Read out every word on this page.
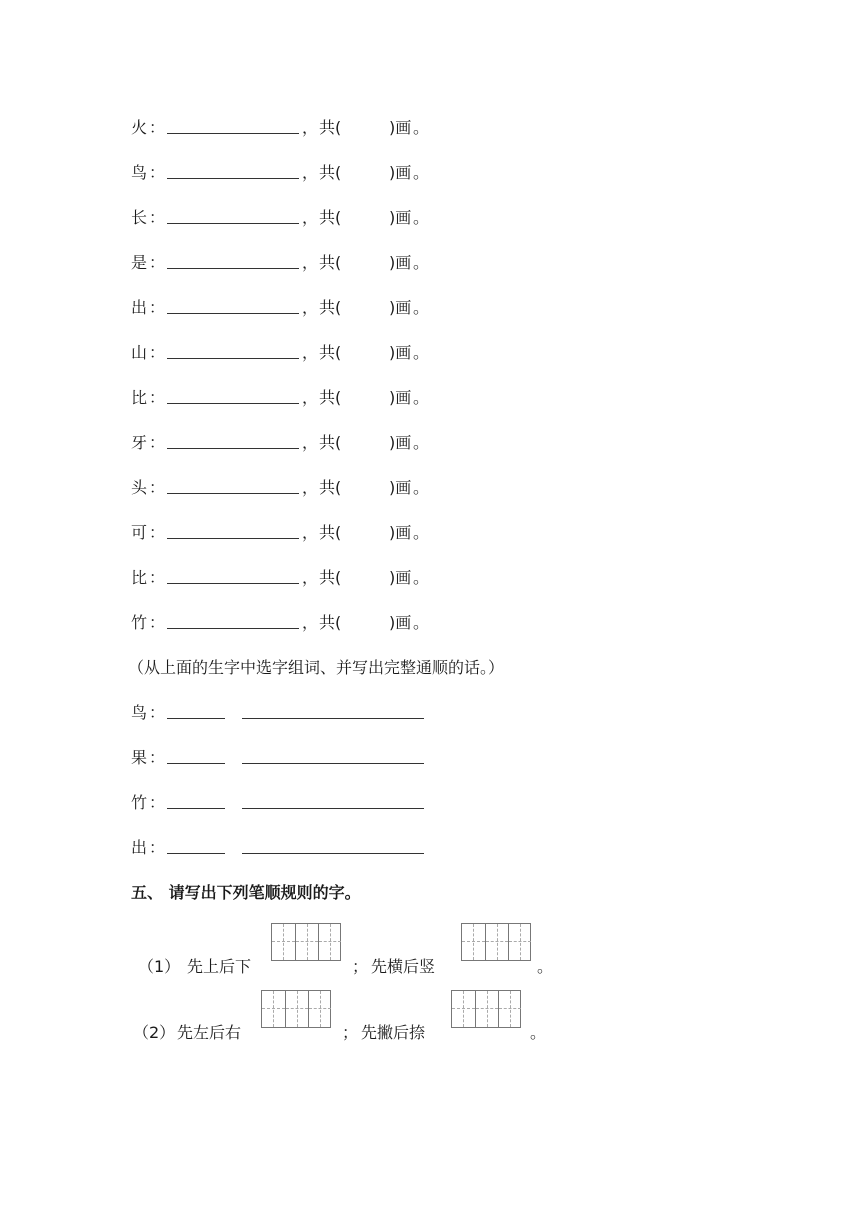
火 ：	， 共(	)画 。
鸟 ：	， 共(	)画 。
长 ：	， 共(	)画 。
是 ：	， 共(	)画 。
出 ：	， 共(	)画 。
山 ：	， 共(	)画 。
比 ：	， 共(	)画 。
牙 ：	， 共(	)画 。
头 ：	， 共(	)画 。
可 ：	， 共(	)画 。
比 ：	， 共(	)画 。
竹 ：	， 共(	)画 。
（从上面的生字中选字组词、并写出完整通顺的话。）
鸟 ：
果 ：
竹 ：
出 ：
五、 请写出下列笔顺规则的字。
（1） 先上后下	； 先横后竖	。
（2） 先左后右	； 先撇后捺	。
